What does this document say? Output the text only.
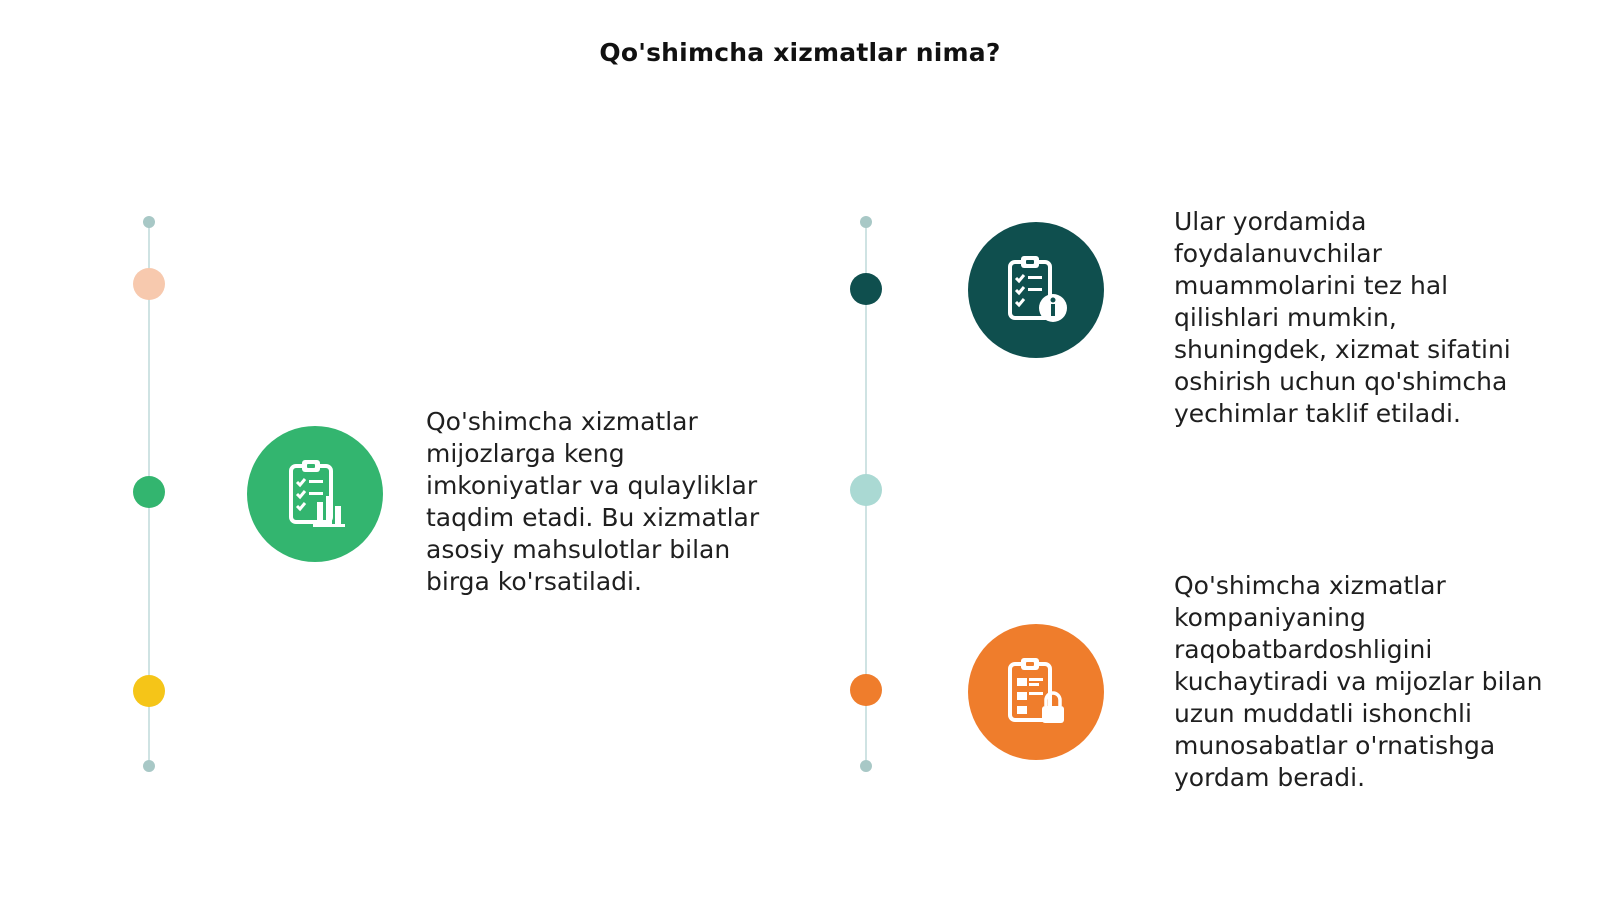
Qo'shimcha xizmatlar nima?
Qo'shimcha xizmatlar mijozlarga keng imkoniyatlar va qulayliklar taqdim etadi. Bu xizmatlar asosiy mahsulotlar bilan birga ko'rsatiladi.
Ular yordamida foydalanuvchilar muammolarini tez hal qilishlari mumkin, shuningdek, xizmat sifatini oshirish uchun qo'shimcha yechimlar taklif etiladi.
Qo'shimcha xizmatlar kompaniyaning raqobatbardoshligini kuchaytiradi va mijozlar bilan uzun muddatli ishonchli munosabatlar o'rnatishga yordam beradi.
